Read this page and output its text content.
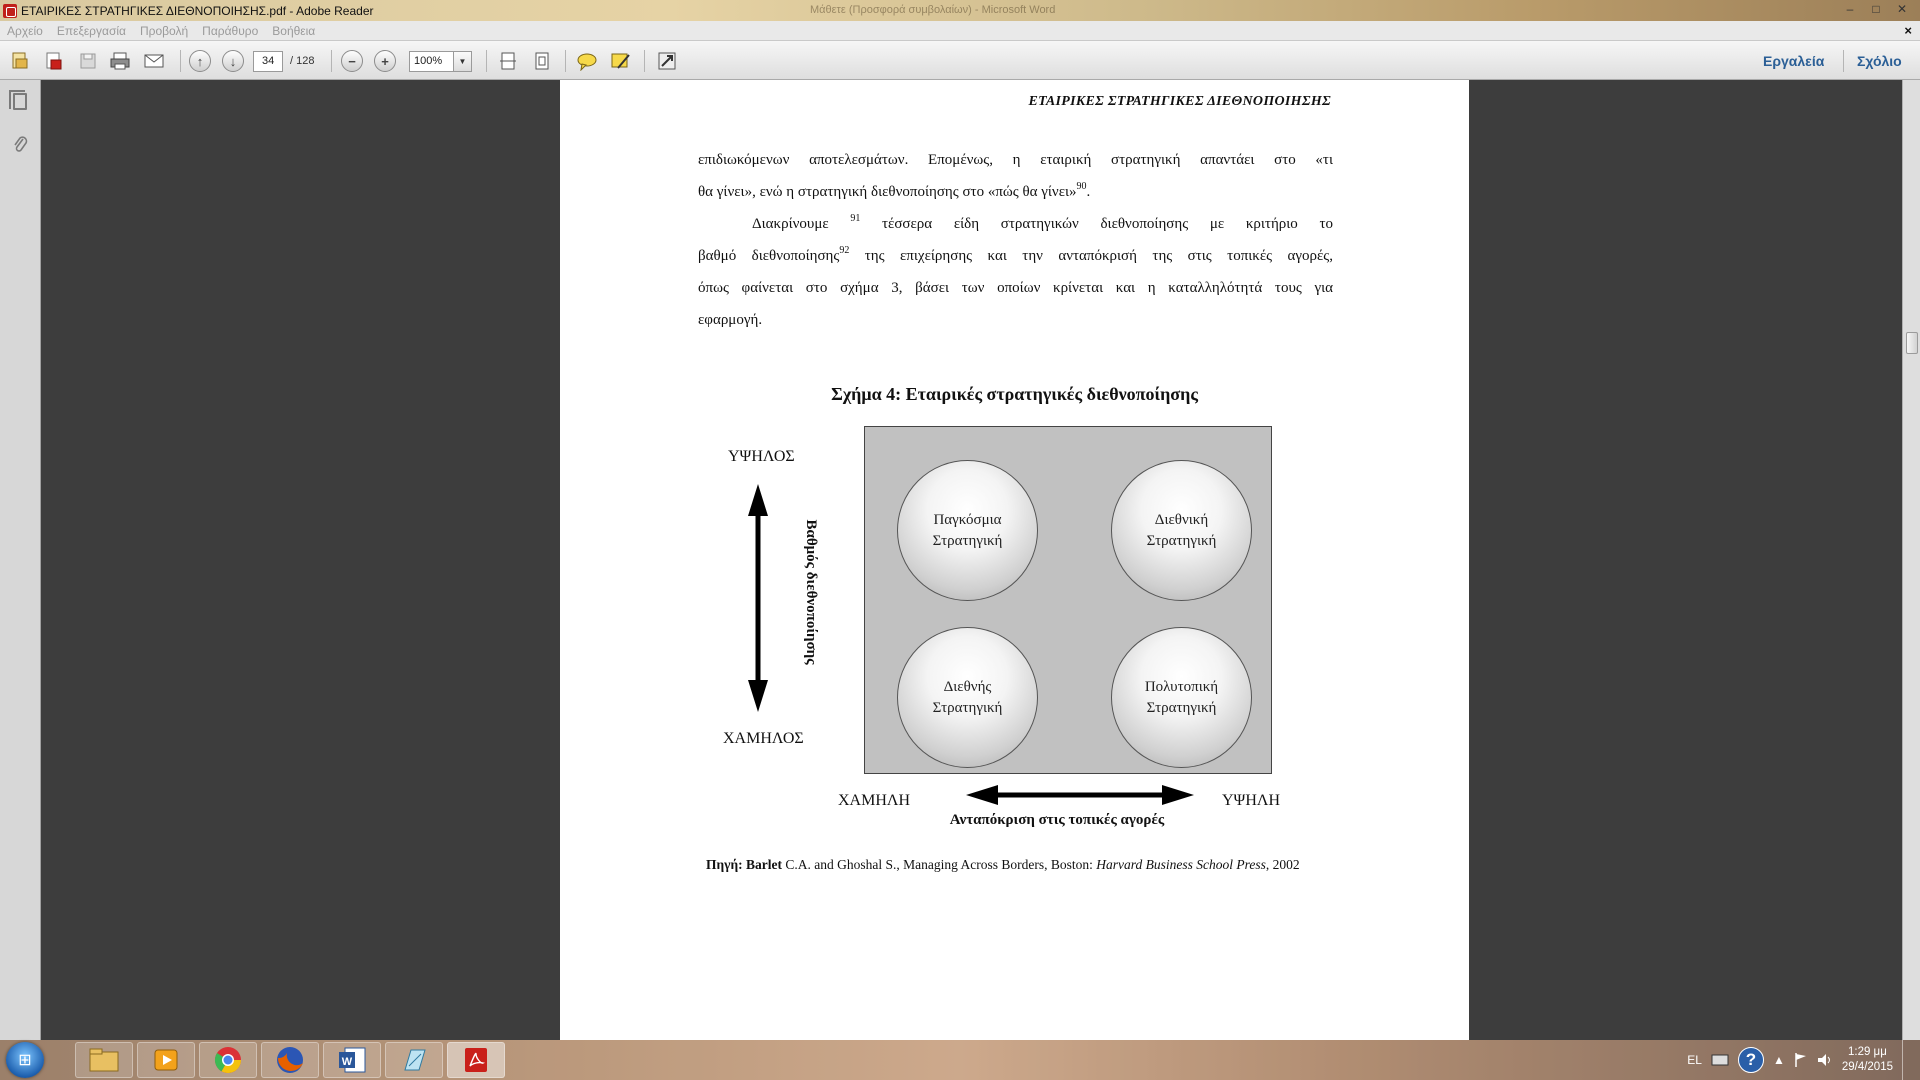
ΕΤΑΙΡΙΚΕΣ ΣΤΡΑΤΗΓΙΚΕΣ ΔΙΕΘΝΟΠΟΙΗΣΗΣ.pdf - Adobe Reader	Μάθετε (Προσφορά συμβολαίων) - Microsoft Word	–	□	✕
Αρχείο	Επεξεργασία	Προβολή	Παράθυρο	Βοήθεια	×
↑	↓	34	/ 128	−	+	100%	▼	Εργαλεία Σχόλιο
ΕΤΑΙΡΙΚΕΣ ΣΤΡΑΤΗΓΙΚΕΣ ΔΙΕΘΝΟΠΟΙΗΣΗΣ
επιδιωκόμενων αποτελεσμάτων. Επομένως, η εταιρική στρατηγική απαντάει στο «τι
θα γίνει», ενώ η στρατηγική διεθνοποίησης στο «πώς θα γίνει»$^{90}$.
Διακρίνουμε $^{91}$ τέσσερα είδη στρατηγικών διεθνοποίησης με κριτήριο το
βαθμό διεθνοποίησης$^{92}$ της επιχείρησης και την ανταπόκρισή της στις τοπικές αγορές,
όπως φαίνεται στο σχήμα 3, βάσει των οποίων κρίνεται και η καταλληλότητά τους για
εφαρμογή.
Σχήμα 4: Εταιρικές στρατηγικές διεθνοποίησης
Παγκόσμια
Στρατηγική
Διεθνική
Στρατηγική
Διεθνής
Στρατηγική
Πολυτοπική
Στρατηγική
ΥΨΗΛΟΣ
ΧΑΜΗΛΟΣ
Βαθμός διεθνοποίησης
ΧΑΜΗΛΗ	ΥΨΗΛΗ
Ανταπόκριση στις τοπικές αγορές
Πηγή: Barlet C.A. and Ghoshal S., Managing Across Borders, Boston: Harvard Business School Press, 2002
⊞	W	EL	?	▲
1:29 μμ
29/4/2015
